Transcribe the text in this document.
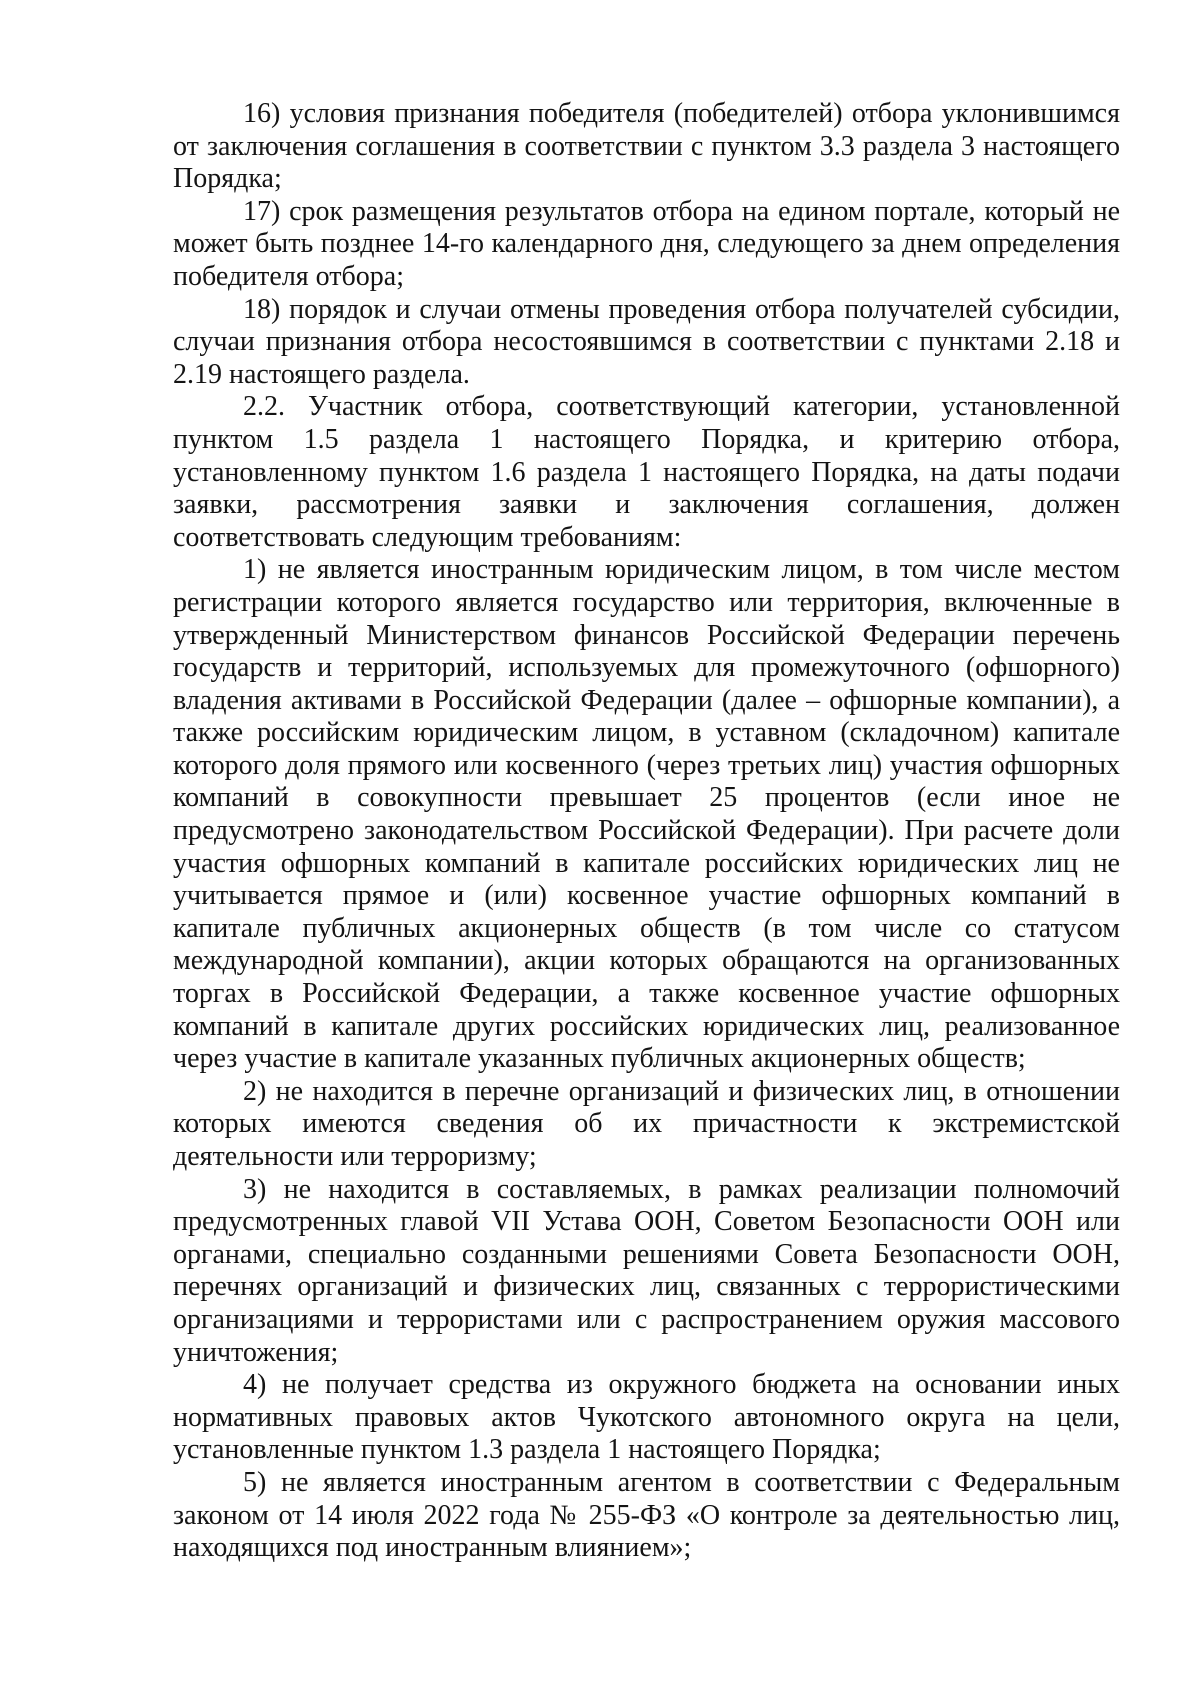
16) условия признания победителя (победителей) отбора уклонившимся от заключения соглашения в соответствии с пунктом 3.3 раздела 3 настоящего Порядка;

17) срок размещения результатов отбора на едином портале, который не может быть позднее 14-го календарного дня, следующего за днем определения победителя отбора;

18) порядок и случаи отмены проведения отбора получателей субсидии, случаи признания отбора несостоявшимся в соответствии с пунктами 2.18 и 2.19 настоящего раздела.

2.2. Участник отбора, соответствующий категории, установленной пунктом 1.5 раздела 1 настоящего Порядка, и критерию отбора, установленному пунктом 1.6 раздела 1 настоящего Порядка, на даты подачи заявки, рассмотрения заявки и заключения соглашения, должен соответствовать следующим требованиям:

1) не является иностранным юридическим лицом, в том числе местом регистрации которого является государство или территория, включенные в утвержденный Министерством финансов Российской Федерации перечень государств и территорий, используемых для промежуточного (офшорного) владения активами в Российской Федерации (далее – офшорные компании), а также российским юридическим лицом, в уставном (складочном) капитале которого доля прямого или косвенного (через третьих лиц) участия офшорных компаний в совокупности превышает 25 процентов (если иное не предусмотрено законодательством Российской Федерации). При расчете доли участия офшорных компаний в капитале российских юридических лиц не учитывается прямое и (или) косвенное участие офшорных компаний в капитале публичных акционерных обществ (в том числе со статусом международной компании), акции которых обращаются на организованных торгах в Российской Федерации, а также косвенное участие офшорных компаний в капитале других российских юридических лиц, реализованное через участие в капитале указанных публичных акционерных обществ;

2) не находится в перечне организаций и физических лиц, в отношении которых имеются сведения об их причастности к экстремистской деятельности или терроризму;

3) не находится в составляемых, в рамках реализации полномочий предусмотренных главой VII Устава ООН, Советом Безопасности ООН или органами, специально созданными решениями Совета Безопасности ООН, перечнях организаций и физических лиц, связанных с террористическими организациями и террористами или с распространением оружия массового уничтожения;

4) не получает средства из окружного бюджета на основании иных нормативных правовых актов Чукотского автономного округа на цели, установленные пунктом 1.3 раздела 1 настоящего Порядка;

5) не является иностранным агентом в соответствии с Федеральным законом от 14 июля 2022 года № 255-ФЗ «О контроле за деятельностью лиц, находящихся под иностранным влиянием»;
